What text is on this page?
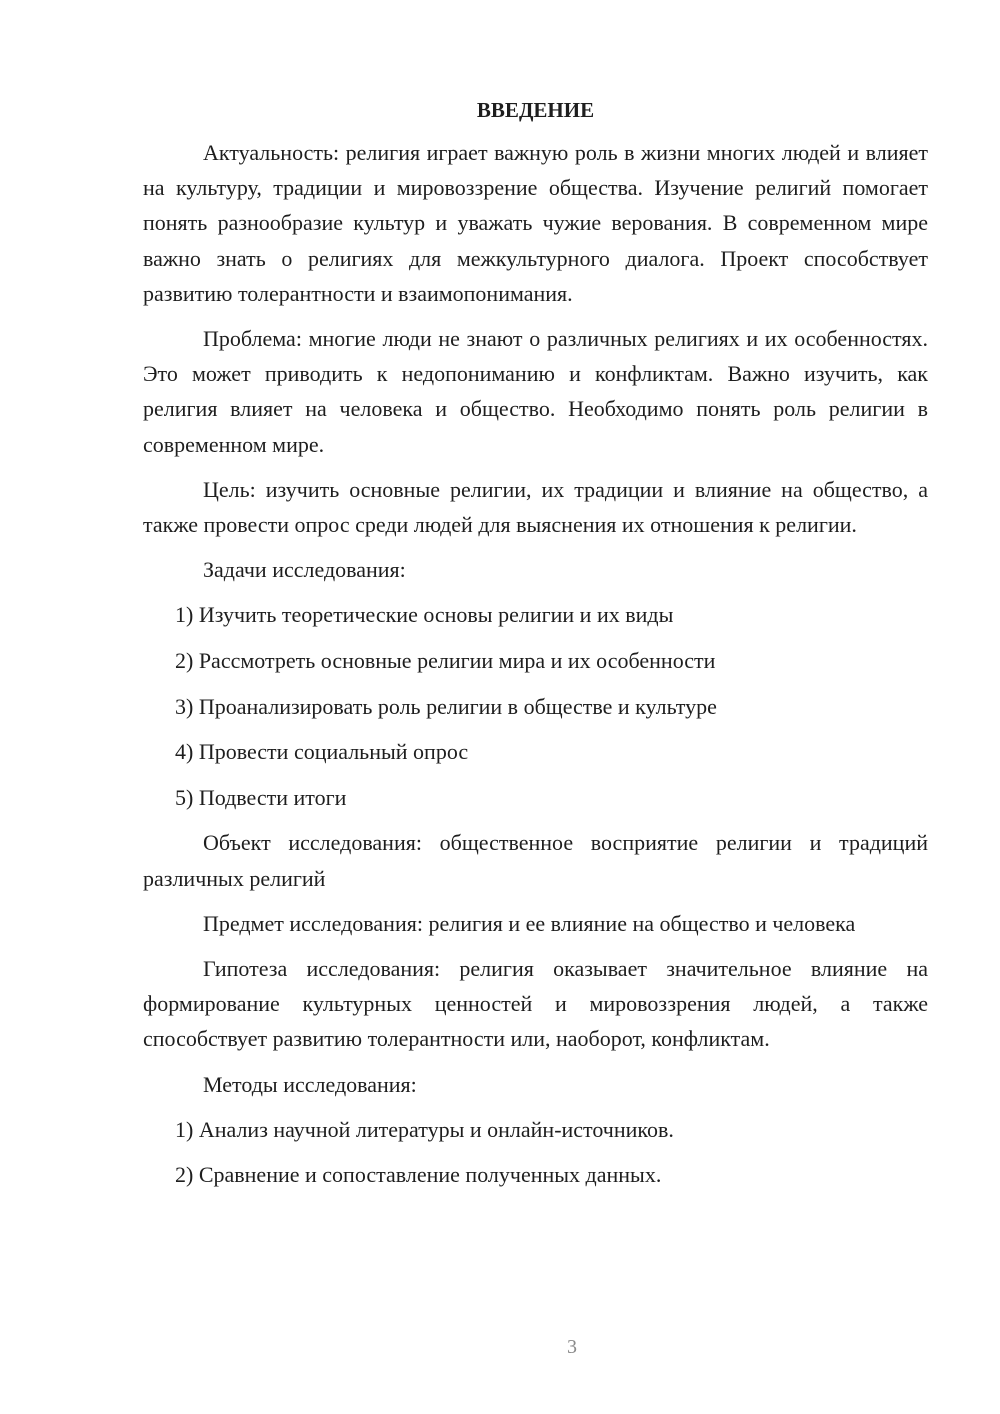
ВВЕДЕНИЕ

Актуальность: религия играет важную роль в жизни многих людей и влияет на культуру, традиции и мировоззрение общества. Изучение религий помогает понять разнообразие культур и уважать чужие верования. В современном мире важно знать о религиях для межкультурного диалога. Проект способствует развитию толерантности и взаимопонимания.

Проблема: многие люди не знают о различных религиях и их особенностях. Это может приводить к недопониманию и конфликтам. Важно изучить, как религия влияет на человека и общество. Необходимо понять роль религии в современном мире.

Цель: изучить основные религии, их традиции и влияние на общество, а также провести опрос среди людей для выяснения их отношения к религии.

Задачи исследования:

1) Изучить теоретические основы религии и их виды

2) Рассмотреть основные религии мира и их особенности

3) Проанализировать роль религии в обществе и культуре

4) Провести социальный опрос

5) Подвести итоги

Объект исследования: общественное восприятие религии и традиций различных религий

Предмет исследования: религия и ее влияние на общество и человека

Гипотеза исследования: религия оказывает значительное влияние на формирование культурных ценностей и мировоззрения людей, а также способствует развитию толерантности или, наоборот, конфликтам.

Методы исследования:

1) Анализ научной литературы и онлайн-источников.

2) Сравнение и сопоставление полученных данных.

3
